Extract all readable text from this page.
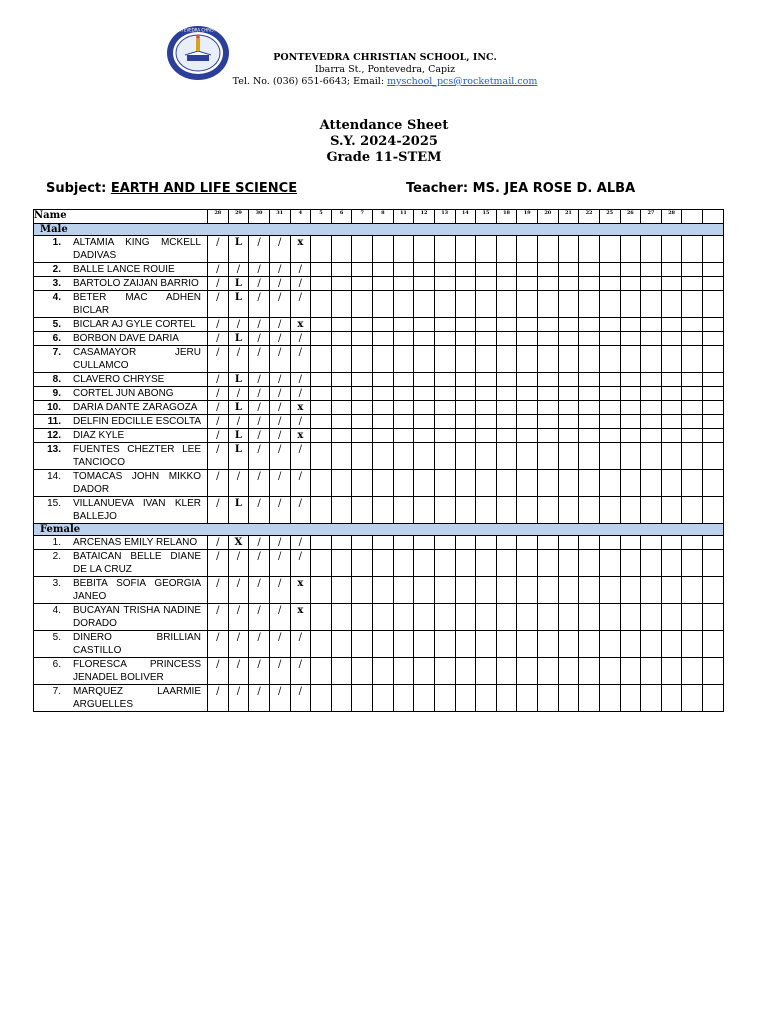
PONTEVEDRA CHRISTIAN
PONTEVEDRA CHRISTIAN SCHOOL, INC.
Ibarra St., Pontevedra, Capiz
Tel. No. (036) 651-6643; Email: myschool_pcs@rocketmail.com
Attendance Sheet
S.Y. 2024-2025
Grade 11-STEM
Subject: EARTH AND LIFE SCIENCE	Teacher: MS. JEA ROSE D. ALBA
Name	28	29	30	31	4	5	6	7	8	11	12	13	14	15	18	19	20	21	22	25	26	27	28		
Male																									

1. ALTAMIA KING MCKELL DADIVAS	/	L	/	/	x																				

2. BALLE LANCE ROUIE	/	/	/	/	/																				

3. BARTOLO ZAIJAN BARRIO	/	L	/	/	/																				

4. BETER MAC ADHEN BICLAR	/	L	/	/	/																				

5. BICLAR AJ GYLE CORTEL	/	/	/	/	x																				

6. BORBON DAVE DARIA	/	L	/	/	/																				

7. CASAMAYOR JERU CULLAMCO	/	/	/	/	/																				

8. CLAVERO CHRYSE	/	L	/	/	/																				

9. CORTEL JUN ABONG	/	/	/	/	/																				

10. DARIA DANTE ZARAGOZA	/	L	/	/	x																				

11. DELFIN EDCILLE ESCOLTA	/	/	/	/	/																				

12. DIAZ KYLE	/	L	/	/	x																				

13. FUENTES CHEZTER LEE TANCIOCO	/	L	/	/	/																				

14. TOMACAS JOHN MIKKO DADOR	/	/	/	/	/																				

15. VILLANUEVA IVAN KLER BALLEJO	/	L	/	/	/																				
Female																									

1. ARCENAS EMILY RELANO	/	X	/	/	/																				

2. BATAICAN BELLE DIANE DE LA CRUZ	/	/	/	/	/																				

3. BEBITA SOFIA GEORGIA JANEO	/	/	/	/	x																				

4. BUCAYAN TRISHA NADINE DORADO	/	/	/	/	x																				

5. DINERO BRILLIAN CASTILLO	/	/	/	/	/																				

6. FLORESCA PRINCESS JENADEL BOLIVER	/	/	/	/	/																				

7. MARQUEZ LAARMIE ARGUELLES	/	/	/	/	/																				
